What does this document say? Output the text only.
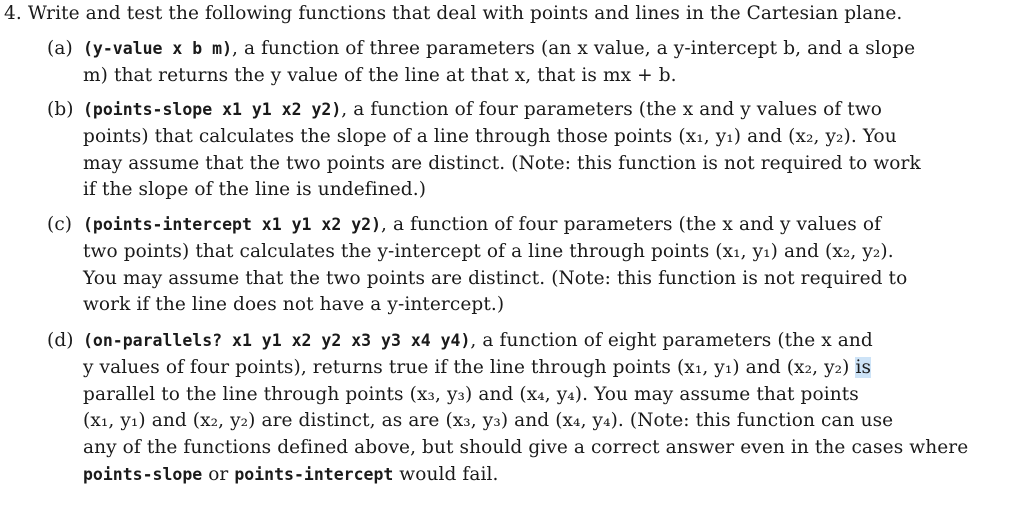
4. Write and test the following functions that deal with points and lines in the Cartesian plane.
(a) (y-value x b m), a function of three parameters (an x value, a y-intercept b, and a slope
m) that returns the y value of the line at that x, that is mx + b.
(b) (points-slope x1 y1 x2 y2), a function of four parameters (the x and y values of two
points) that calculates the slope of a line through those points (x₁, y₁) and (x₂, y₂). You
may assume that the two points are distinct. (Note: this function is not required to work
if the slope of the line is undefined.)
(c) (points-intercept x1 y1 x2 y2), a function of four parameters (the x and y values of
two points) that calculates the y-intercept of a line through points (x₁, y₁) and (x₂, y₂).
You may assume that the two points are distinct. (Note: this function is not required to
work if the line does not have a y-intercept.)
(d) (on-parallels? x1 y1 x2 y2 x3 y3 x4 y4), a function of eight parameters (the x and
y values of four points), returns true if the line through points (x₁, y₁) and (x₂, y₂) is
parallel to the line through points (x₃, y₃) and (x₄, y₄). You may assume that points
(x₁, y₁) and (x₂, y₂) are distinct, as are (x₃, y₃) and (x₄, y₄). (Note: this function can use
any of the functions defined above, but should give a correct answer even in the cases where
points-slope or points-intercept would fail.
